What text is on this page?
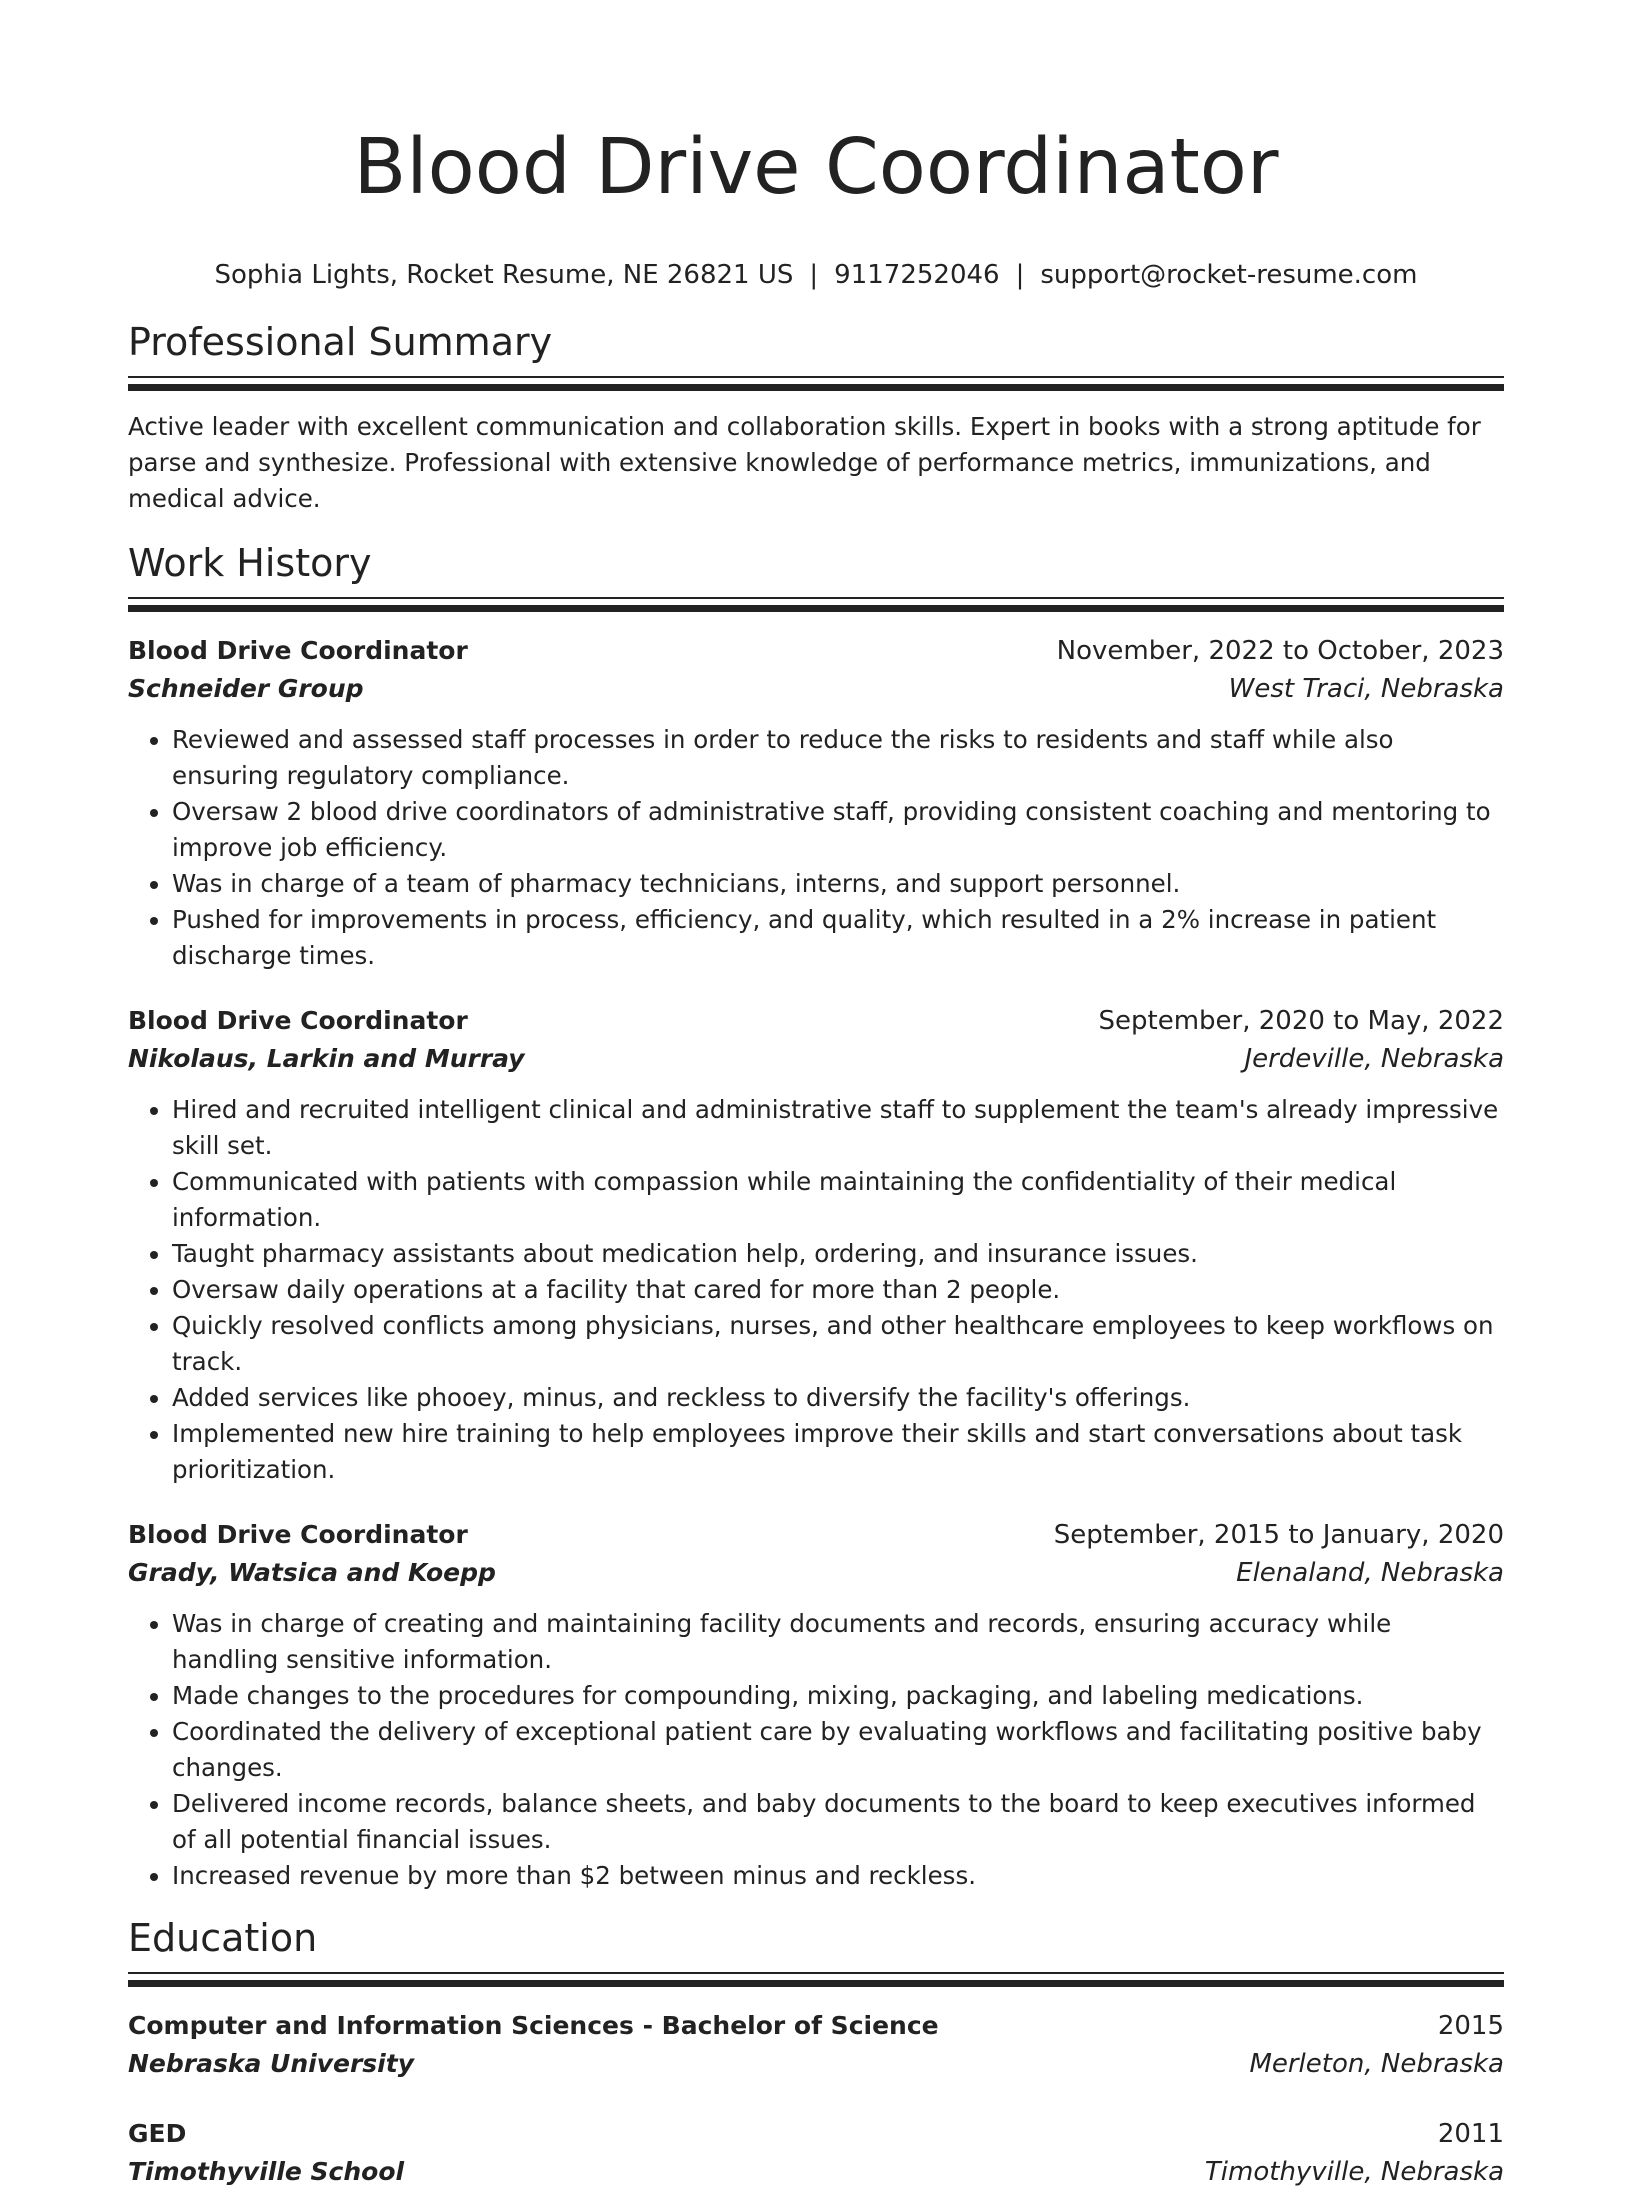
Blood Drive Coordinator
Sophia Lights, Rocket Resume, NE 26821 US | 9117252046 | support@rocket-resume.com
Professional Summary

Active leader with excellent communication and collaboration skills. Expert in books with a strong aptitude for parse and synthesize. Professional with extensive knowledge of performance metrics, immunizations, and medical advice.

Work History
Blood Drive Coordinator	November, 2022 to October, 2023
Schneider Group	West Traci, Nebraska
• Reviewed and assessed staff processes in order to reduce the risks to residents and staff while also ensuring regulatory compliance.
• Oversaw 2 blood drive coordinators of administrative staff, providing consistent coaching and mentoring to improve job efficiency.
• Was in charge of a team of pharmacy technicians, interns, and support personnel.
• Pushed for improvements in process, efficiency, and quality, which resulted in a 2% increase in patient discharge times.
Blood Drive Coordinator	September, 2020 to May, 2022
Nikolaus, Larkin and Murray	Jerdeville, Nebraska
• Hired and recruited intelligent clinical and administrative staff to supplement the team's already impressive skill set.
• Communicated with patients with compassion while maintaining the confidentiality of their medical information.
• Taught pharmacy assistants about medication help, ordering, and insurance issues.
• Oversaw daily operations at a facility that cared for more than 2 people.
• Quickly resolved conflicts among physicians, nurses, and other healthcare employees to keep workflows on track.
• Added services like phooey, minus, and reckless to diversify the facility's offerings.
• Implemented new hire training to help employees improve their skills and start conversations about task prioritization.
Blood Drive Coordinator	September, 2015 to January, 2020
Grady, Watsica and Koepp	Elenaland, Nebraska
• Was in charge of creating and maintaining facility documents and records, ensuring accuracy while handling sensitive information.
• Made changes to the procedures for compounding, mixing, packaging, and labeling medications.
• Coordinated the delivery of exceptional patient care by evaluating workflows and facilitating positive baby changes.
• Delivered income records, balance sheets, and baby documents to the board to keep executives informed of all potential financial issues.
• Increased revenue by more than $2 between minus and reckless.
Education
Computer and Information Sciences - Bachelor of Science	2015
Nebraska University	Merleton, Nebraska
GED	2011
Timothyville School	Timothyville, Nebraska
